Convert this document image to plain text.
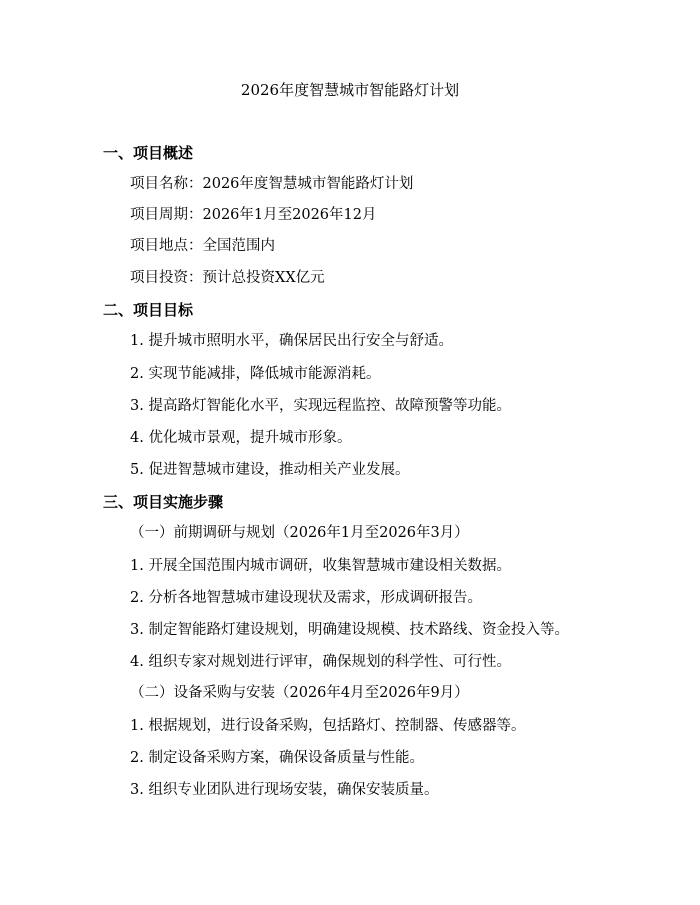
2026年度智慧城市智能路灯计划

一、项目概述

项目名称：2026年度智慧城市智能路灯计划

项目周期：2026年1月至2026年12月

项目地点：全国范围内

项目投资：预计总投资XX亿元

二、项目目标

1. 提升城市照明水平，确保居民出行安全与舒适。

2. 实现节能减排，降低城市能源消耗。

3. 提高路灯智能化水平，实现远程监控、故障预警等功能。

4. 优化城市景观，提升城市形象。

5. 促进智慧城市建设，推动相关产业发展。

三、项目实施步骤

（一）前期调研与规划（2026年1月至2026年3月）

1. 开展全国范围内城市调研，收集智慧城市建设相关数据。

2. 分析各地智慧城市建设现状及需求，形成调研报告。

3. 制定智能路灯建设规划，明确建设规模、技术路线、资金投入等。

4. 组织专家对规划进行评审，确保规划的科学性、可行性。

（二）设备采购与安装（2026年4月至2026年9月）

1. 根据规划，进行设备采购，包括路灯、控制器、传感器等。

2. 制定设备采购方案，确保设备质量与性能。

3. 组织专业团队进行现场安装，确保安装质量。
